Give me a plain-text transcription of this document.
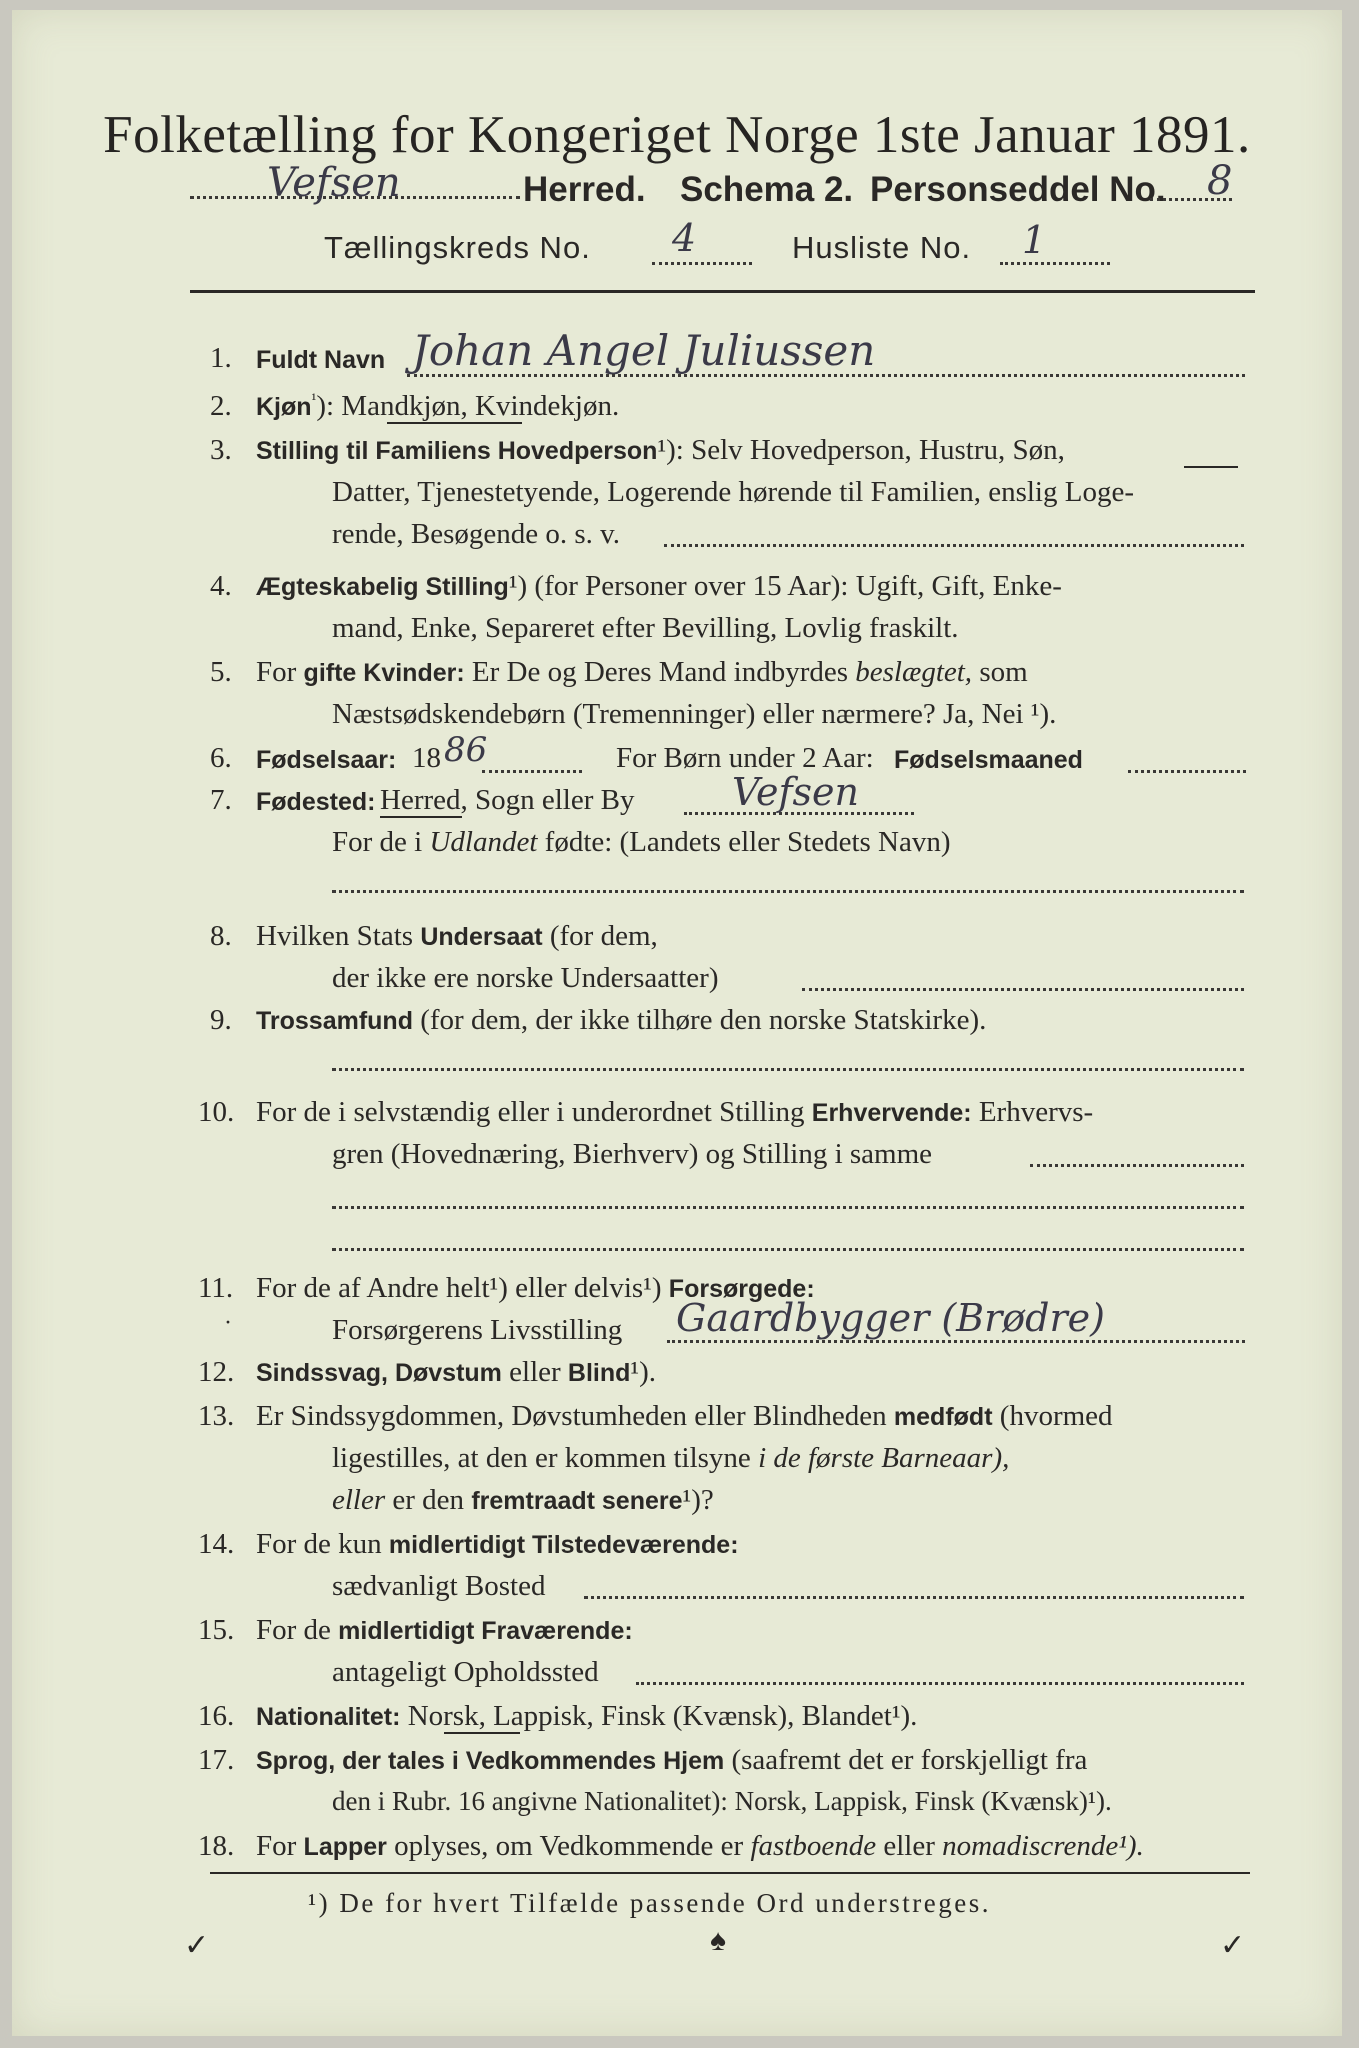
Folketælling for Kongeriget Norge 1ste Januar 1891.
Vefsen	Herred. Schema 2. Personseddel No. 8
Tællingskreds No. 4	Husliste No. 1
1. Fuldt Navn Johan Angel Juliussen
2. Kjøn$^{^1}$): Mandkjøn, Kvindekjøn.
3. Stilling til Familiens Hovedperson¹): Selv Hovedperson, Hustru, Søn,
Datter, Tjenestetyende, Logerende hørende til Familien, enslig Loge-
rende, Besøgende o. s. v.
4. Ægteskabelig Stilling¹) (for Personer over 15 Aar): Ugift, Gift, Enke-
mand, Enke, Separeret efter Bevilling, Lovlig fraskilt.
5. For gifte Kvinder: Er De og Deres Mand indbyrdes beslægtet, som
Næstsødskendebørn (Tremenninger) eller nærmere? Ja, Nei ¹).
6. Fødselsaar: 18 86	For Børn under 2 Aar: Fødselsmaaned
7. Fødested: Herred, Sogn eller By	Vefsen
For de i Udlandet fødte: (Landets eller Stedets Navn)
8. Hvilken Stats Undersaat (for dem,
der ikke ere norske Undersaatter)
9. Trossamfund (for dem, der ikke tilhøre den norske Statskirke).
10. For de i selvstændig eller i underordnet Stilling Erhvervende: Erhvervs-
gren (Hovednæring, Bierhverv) og Stilling i samme
11. For de af Andre helt¹) eller delvis¹) Forsørgede:
Forsørgerens Livsstilling Gaardbygger (Brødre)
·
12. Sindssvag, Døvstum eller Blind¹).
13. Er Sindssygdommen, Døvstumheden eller Blindheden medfødt (hvormed
ligestilles, at den er kommen tilsyne i de første Barneaar),
eller er den fremtraadt senere¹)?
14. For de kun midlertidigt Tilstedeværende:
sædvanligt Bosted
15. For de midlertidigt Fraværende:
antageligt Opholdssted
16. Nationalitet: Norsk, Lappisk, Finsk (Kvænsk), Blandet¹).
17. Sprog, der tales i Vedkommendes Hjem (saafremt det er forskjelligt fra
den i Rubr. 16 angivne Nationalitet): Norsk, Lappisk, Finsk (Kvænsk)¹).
18. For Lapper oplyses, om Vedkommende er fastboende eller nomadiscrende¹).
¹) De for hvert Tilfælde passende Ord understreges.
✓	♠	✓
